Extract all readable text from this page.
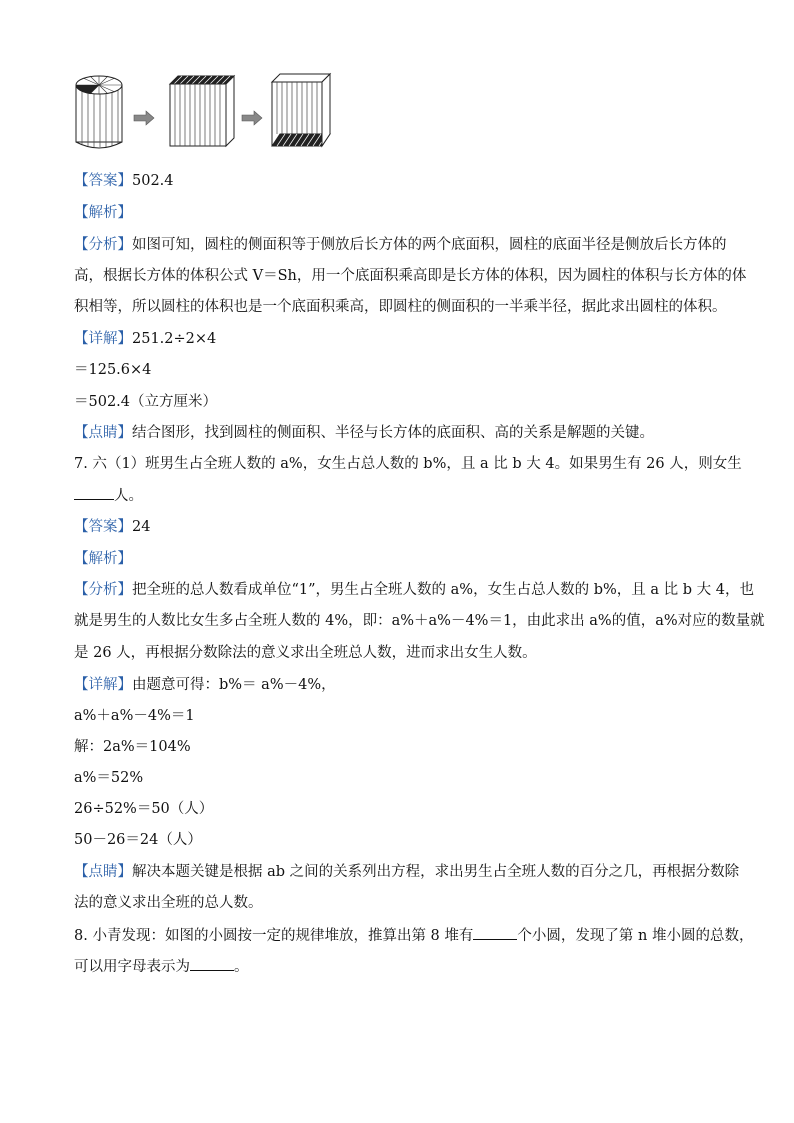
【答案】502.4
【解析】
【分析】如图可知，圆柱的侧面积等于侧放后长方体的两个底面积，圆柱的底面半径是侧放后长方体的
高，根据长方体的体积公式 V＝Sh，用一个底面积乘高即是长方体的体积，因为圆柱的体积与长方体的体
积相等，所以圆柱的体积也是一个底面积乘高，即圆柱的侧面积的一半乘半径，据此求出圆柱的体积。
【详解】251.2÷2×4
＝125.6×4
＝502.4（立方厘米）
【点睛】结合图形，找到圆柱的侧面积、半径与长方体的底面积、高的关系是解题的关键。
7. 六（1）班男生占全班人数的 a%，女生占总人数的 b%，且 a 比 b 大 4。如果男生有 26 人，则女生
人。
【答案】24
【解析】
【分析】把全班的总人数看成单位“1”，男生占全班人数的 a%，女生占总人数的 b%，且 a 比 b 大 4，也
就是男生的人数比女生多占全班人数的 4%，即：a%＋a%－4%＝1，由此求出 a%的值，a%对应的数量就
是 26 人，再根据分数除法的意义求出全班总人数，进而求出女生人数。
【详解】由题意可得：b%＝ a%－4%，
a%＋a%－4%＝1
解：2a%＝104%
a%＝52%
26÷52%＝50（人）
50－26＝24（人）
【点睛】解决本题关键是根据 ab 之间的关系列出方程，求出男生占全班人数的百分之几，再根据分数除
法的意义求出全班的总人数。
8. 小青发现：如图的小圆按一定的规律堆放，推算出第 8 堆有	个小圆，发现了第 n 堆小圆的总数，
可以用字母表示为	。
